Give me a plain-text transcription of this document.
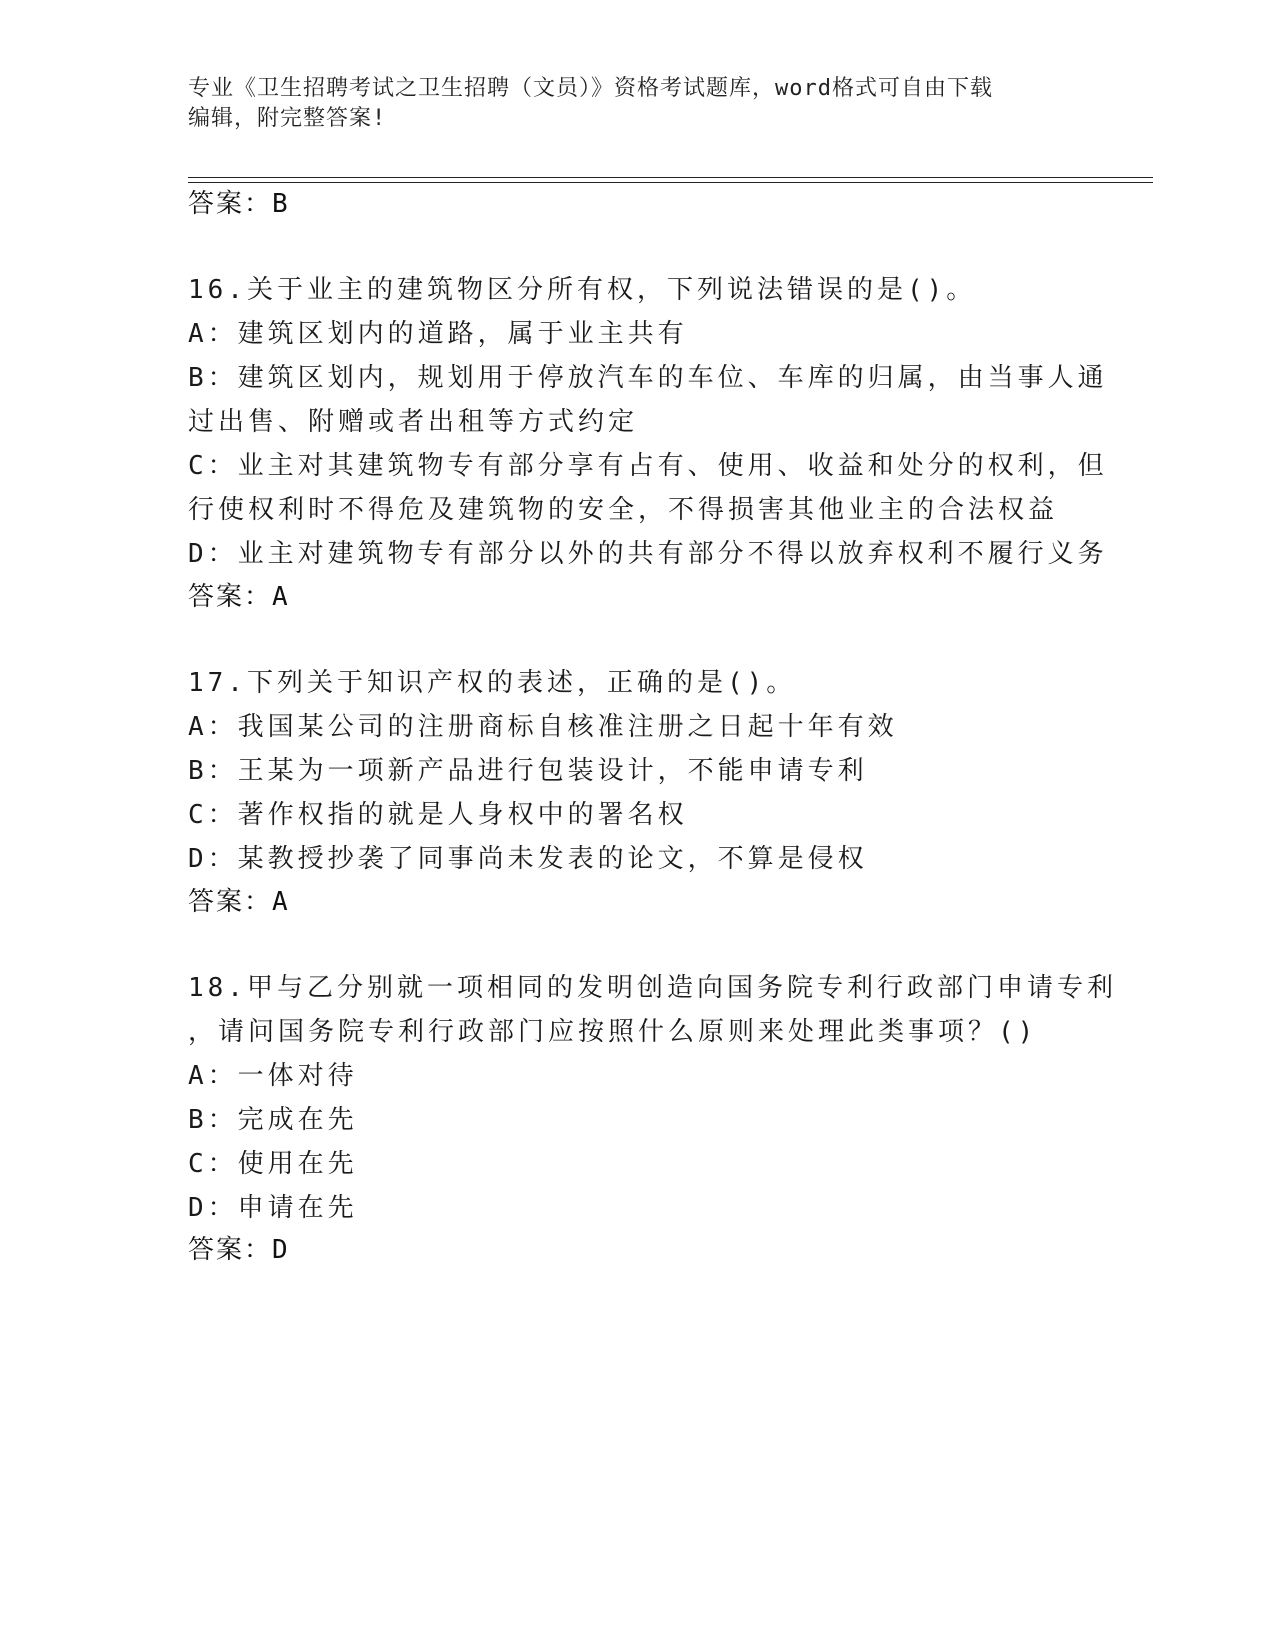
专业《卫生招聘考试之卫生招聘（文员）》资格考试题库，word格式可自由下载
编辑，附完整答案!
答案：B
16.关于业主的建筑物区分所有权，下列说法错误的是()。
A：建筑区划内的道路，属于业主共有
B：建筑区划内，规划用于停放汽车的车位、车库的归属，由当事人通
过出售、附赠或者出租等方式约定
C：业主对其建筑物专有部分享有占有、使用、收益和处分的权利，但
行使权利时不得危及建筑物的安全，不得损害其他业主的合法权益
D：业主对建筑物专有部分以外的共有部分不得以放弃权利不履行义务
答案：A
17.下列关于知识产权的表述，正确的是()。
A：我国某公司的注册商标自核准注册之日起十年有效
B：王某为一项新产品进行包装设计，不能申请专利
C：著作权指的就是人身权中的署名权
D：某教授抄袭了同事尚未发表的论文，不算是侵权
答案：A
18.甲与乙分别就一项相同的发明创造向国务院专利行政部门申请专利
，请问国务院专利行政部门应按照什么原则来处理此类事项？()
A：一体对待
B：完成在先
C：使用在先
D：申请在先
答案：D
